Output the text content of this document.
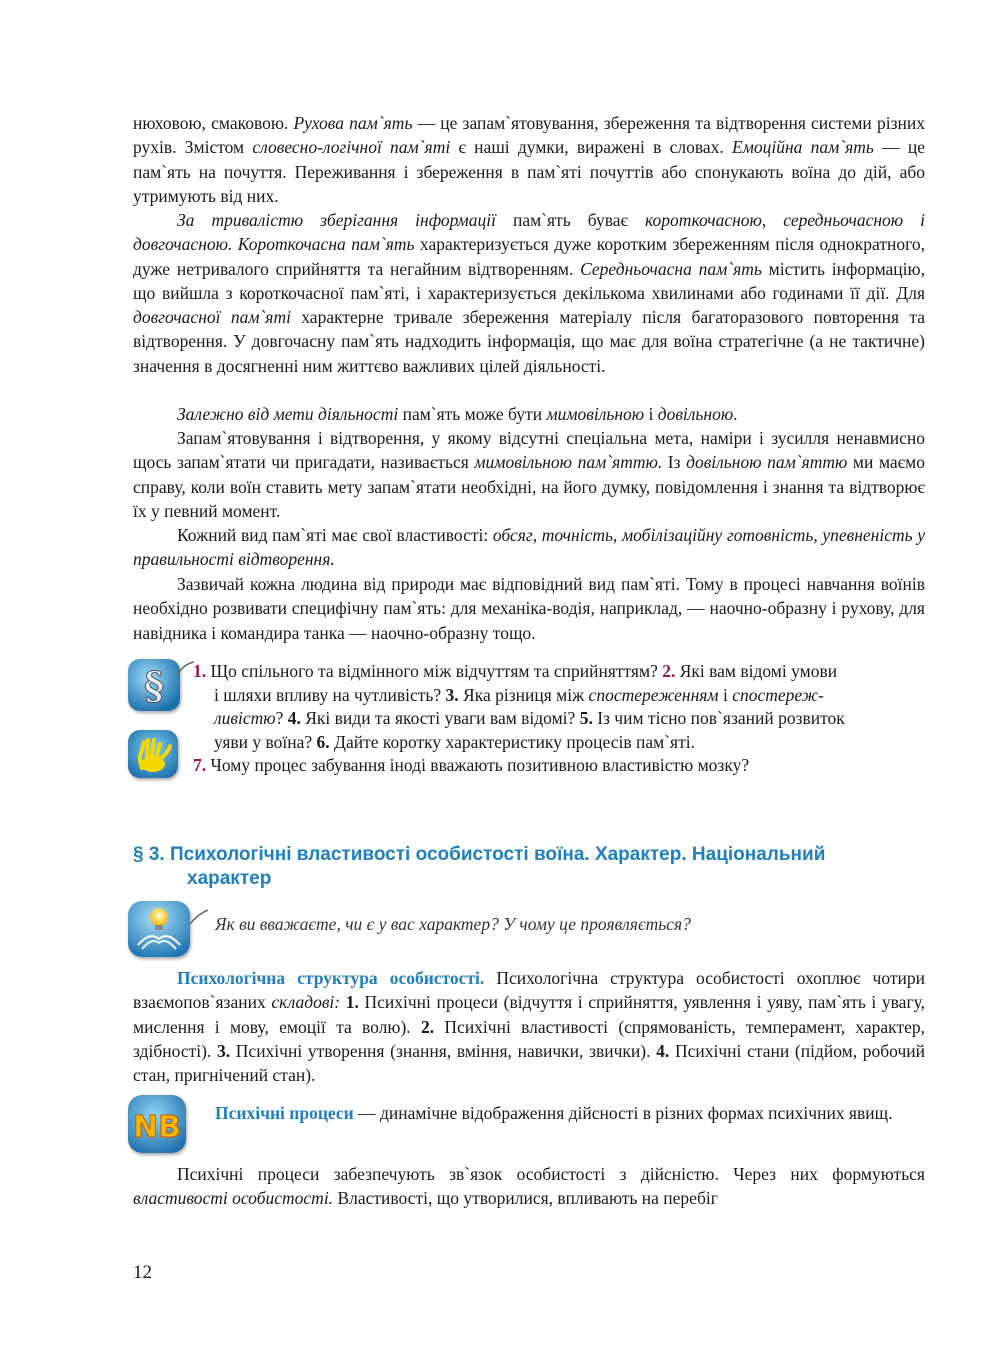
нюховою, смаковою. Рухова пам`ять — це запам`ятовування, збереження та відтворення системи різних рухів. Змістом словесно-логічної пам`яті є наші думки, виражені в словах. Емоційна пам`ять — це пам`ять на почуття. Переживання і збереження в пам`яті почуттів або спонукають воїна до дій, або утримують від них.

За тривалістю зберігання інформації пам`ять буває короткочасною, середньочасною і довгочасною. Короткочасна пам`ять характеризується дуже коротким збереженням після однократного, дуже нетривалого сприйняття та негайним відтворенням. Середньочасна пам`ять містить інформацію, що вийшла з короткочасної пам`яті, і характеризується декількома хвилинами або годинами її дії. Для довгочасної пам`яті характерне тривале збереження матеріалу після багаторазового повторення та відтворення. У довгочасну пам`ять надходить інформація, що має для воїна стратегічне (а не тактичне) значення в досягненні ним життєво важливих цілей діяльності.

Залежно від мети діяльності пам`ять може бути мимовільною і довільною.

Запам`ятовування і відтворення, у якому відсутні спеціальна мета, наміри і зусилля ненавмисно щось запам`ятати чи пригадати, називається мимовільною пам`яттю. Із довільною пам`яттю ми маємо справу, коли воїн ставить мету запам`ятати необхідні, на його думку, повідомлення і знання та відтворює їх у певний момент.

Кожний вид пам`яті має свої властивості: обсяг, точність, мобілізаційну готовність, упевненість у правильності відтворення.

Зазвичай кожна людина від природи має відповідний вид пам`яті. Тому в процесі навчання воїнів необхідно розвивати специфічну пам`ять: для механіка-водія, наприклад, — наочно-образну і рухову, для навідника і командира танка — наочно-образну тощо.

§ 1. Що спільного та відмінного між відчуттям та сприйняттям? 2. Які вам відомі умови
і шляхи впливу на чутливість? 3. Яка різниця між спостереженням і спостереж-
ливістю? 4. Які види та якості уваги вам відомі? 5. Із чим тісно пов`язаний розвиток
уяви у воїна? 6. Дайте коротку характеристику процесів пам`яті.
7. Чому процес забування іноді вважають позитивною властивістю мозку?
§ 3. Психологічні властивості особистості воїна. Характер. Національний
характер

Як ви вважаєте, чи є у вас характер? У чому це проявляється?

Психологічна структура особистості. Психологічна структура особистості охоплює чотири взаємопов`язаних складові: 1. Психічні процеси (відчуття і сприйняття, уявлення і уяву, пам`ять і увагу, мислення і мову, емоції та волю). 2. Психічні властивості (спрямованість, темперамент, характер, здібності). 3. Психічні утворення (знання, вміння, навички, звички). 4. Психічні стани (підйом, робочий стан, пригнічений стан).

NB Психічні процеси — динамічне відображення дійсності в різних формах психічних явищ.

Психічні процеси забезпечують зв`язок особистості з дійсністю. Через них формуються властивості особистості. Властивості, що утворилися, впливають на перебіг

12
